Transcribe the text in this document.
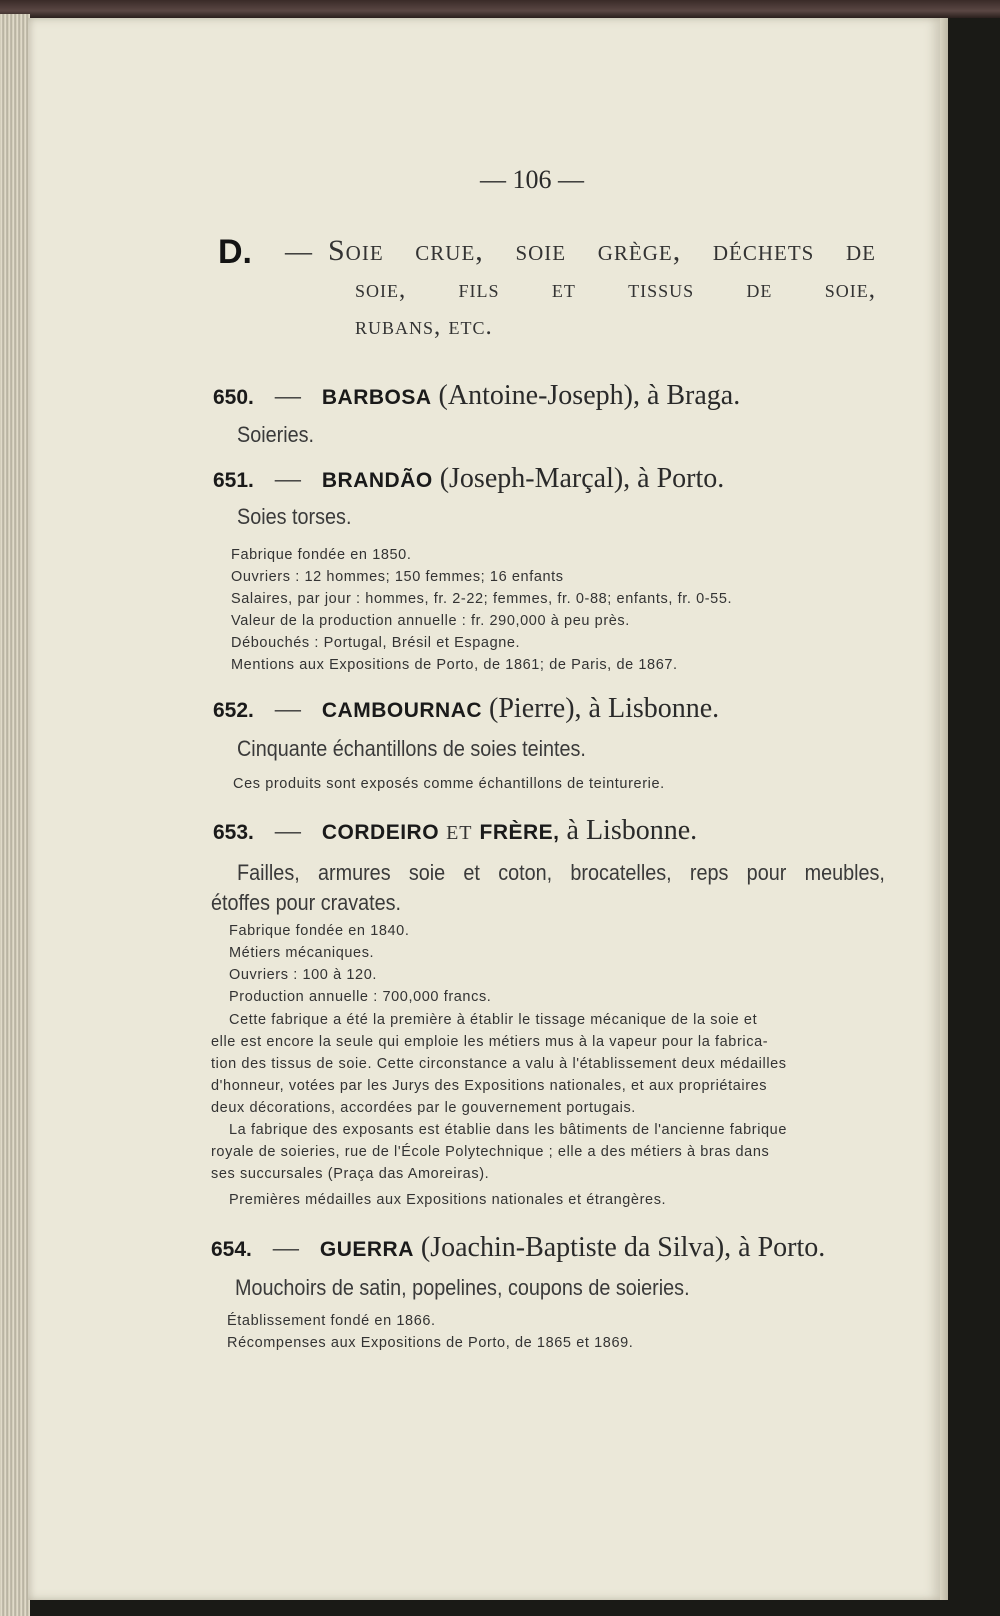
— 106 —
D. — Soie crue, soie grège, déchets de
soie, fils et tissus de soie,
rubans, etc.
650. — BARBOSA (Antoine-Joseph), à Braga.
Soieries.
651. — BRANDÃO (Joseph-Marçal), à Porto.
Soies torses.
Fabrique fondée en 1850.
Ouvriers : 12 hommes; 150 femmes; 16 enfants
Salaires, par jour : hommes, fr. 2-22; femmes, fr. 0-88; enfants, fr. 0-55.
Valeur de la production annuelle : fr. 290,000 à peu près.
Débouchés : Portugal, Brésil et Espagne.
Mentions aux Expositions de Porto, de 1861; de Paris, de 1867.
652. — CAMBOURNAC (Pierre), à Lisbonne.
Cinquante échantillons de soies teintes.
Ces produits sont exposés comme échantillons de teinturerie.
653. — CORDEIRO ET FRÈRE, à Lisbonne.
Failles, armures soie et coton, brocatelles, reps pour meubles,
étoffes pour cravates.
Fabrique fondée en 1840.
Métiers mécaniques.
Ouvriers : 100 à 120.
Production annuelle : 700,000 francs.
Cette fabrique a été la première à établir le tissage mécanique de la soie et
elle est encore la seule qui emploie les métiers mus à la vapeur pour la fabrica-
tion des tissus de soie. Cette circonstance a valu à l'établissement deux médailles
d'honneur, votées par les Jurys des Expositions nationales, et aux propriétaires
deux décorations, accordées par le gouvernement portugais.
La fabrique des exposants est établie dans les bâtiments de l'ancienne fabrique
royale de soieries, rue de l'École Polytechnique ; elle a des métiers à bras dans
ses succursales (Praça das Amoreiras).
Premières médailles aux Expositions nationales et étrangères.
654. — GUERRA (Joachin-Baptiste da Silva), à Porto.
Mouchoirs de satin, popelines, coupons de soieries.
Établissement fondé en 1866.
Récompenses aux Expositions de Porto, de 1865 et 1869.
